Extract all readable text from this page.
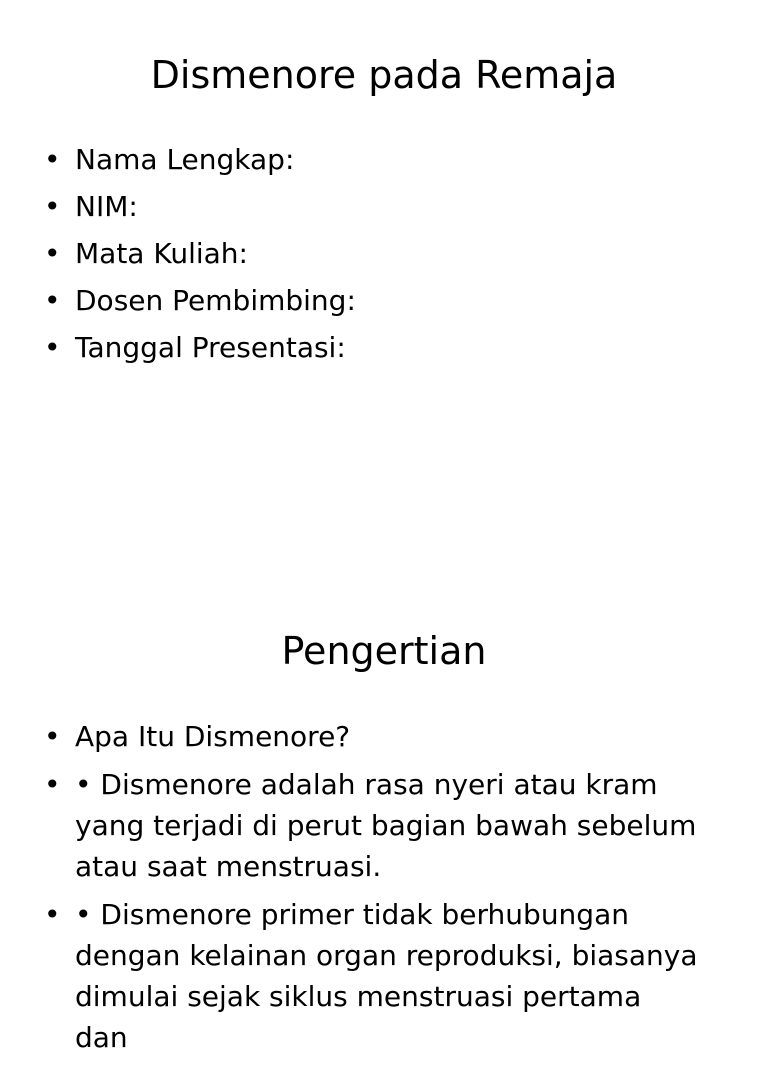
Dismenore pada Remaja
• Nama Lengkap:
• NIM:
• Mata Kuliah:
• Dosen Pembimbing:
• Tanggal Presentasi:
Pengertian
• Apa Itu Dismenore?
• • Dismenore adalah rasa nyeri atau kram yang terjadi di perut bagian bawah sebelum atau saat menstruasi.
• • Dismenore primer tidak berhubungan dengan kelainan organ reproduksi, biasanya dimulai sejak siklus menstruasi pertama dan
